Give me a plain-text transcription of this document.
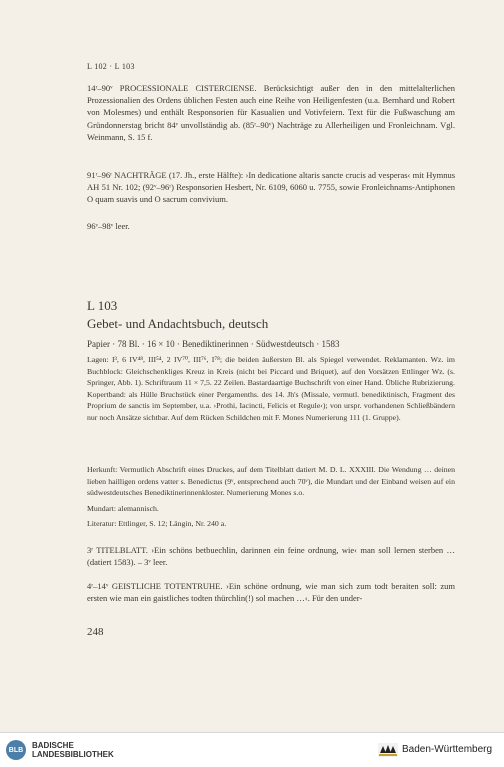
L 102 · L 103
14ʳ–90ᵛ PROCESSIONALE CISTERCIENSE. Berücksichtigt außer den in den mittelalterlichen Prozessionalien des Ordens üblichen Festen auch eine Reihe von Heiligenfesten (u.a. Bernhard und Robert von Molesmes) und enthält Responsorien für Kasualien und Votivfeiern. Text für die Fußwaschung am Gründonnerstag bricht 84ᵛ unvollständig ab. (85ʳ–90ᵛ) Nachträge zu Allerheiligen und Fronleichnam. Vgl. Weinmann, S. 15 f.
91ʳ–96ʳ NACHTRÄGE (17. Jh., erste Hälfte): ›In dedicatione altaris sancte crucis ad vesperas‹ mit Hymnus AH 51 Nr. 102; (92ᵛ–96ʳ) Responsorien Hesbert, Nr. 6109, 6060 u. 7755, sowie Fronleichnams-Antiphonen O quam suavis und O sacrum convivium.
96ᵛ–98ᵛ leer.
L 103
Gebet- und Andachtsbuch, deutsch
Papier · 78 Bl. · 16 × 10 · Benediktinerinnen · Südwestdeutsch · 1583
Lagen: I³, 6 IV⁴⁸, III⁵⁴, 2 IV⁷⁰, III⁷⁶, I⁷⁸; die beiden äußersten Bl. als Spiegel verwendet. Reklamanten. Wz. im Buchblock: Gleichschenkliges Kreuz in Kreis (nicht bei Piccard und Briquet), auf den Vorsätzen Ettlinger Wz. (s. Springer, Abb. 1). Schriftraum 11 × 7,5. 22 Zeilen. Bastardaartige Buchschrift von einer Hand. Übliche Rubrizierung. Kopertband: als Hülle Bruchstück einer Pergamenths. des 14. Jh's (Missale, vermutl. benediktinisch, Fragment des Proprium de sanctis im September, u.a. ›Prothi, Iacincti, Felicis et Regule‹); von urspr. vorhandenen Schließbändern nur noch Ansätze sichtbar. Auf dem Rücken Schildchen mit F. Mones Numerierung 111 (1. Gruppe).
Herkunft: Vermutlich Abschrift eines Druckes, auf dem Titelblatt datiert M. D. L. XXXIII. Die Wendung … deinen lieben hailligen ordens vatter s. Benedictus (9ᵛ, entsprechend auch 70ᵛ), die Mundart und der Einband weisen auf ein südwestdeutsches Benediktinerinnenkloster. Numerierung Mones s.o.
Mundart: alemannisch.
Literatur: Ettlinger, S. 12; Längin, Nr. 240 a.
3ʳ TITELBLATT. ›Ein schöns betbuechlin, darinnen ein feine ordnung, wie‹ man soll lernen sterben … (datiert 1583). – 3ᵛ leer.
4ʳ–14ᵛ GEISTLICHE TOTENTRUHE. ›Ein schöne ordnung, wie man sich zum todt beraiten soll: zum ersten wie man ein gaistliches todten thürchlin(!) sol machen …‹. Für den under-
248
BLB	BADISCHE
LANDESBIBLIOTHEK	Baden-Württemberg
